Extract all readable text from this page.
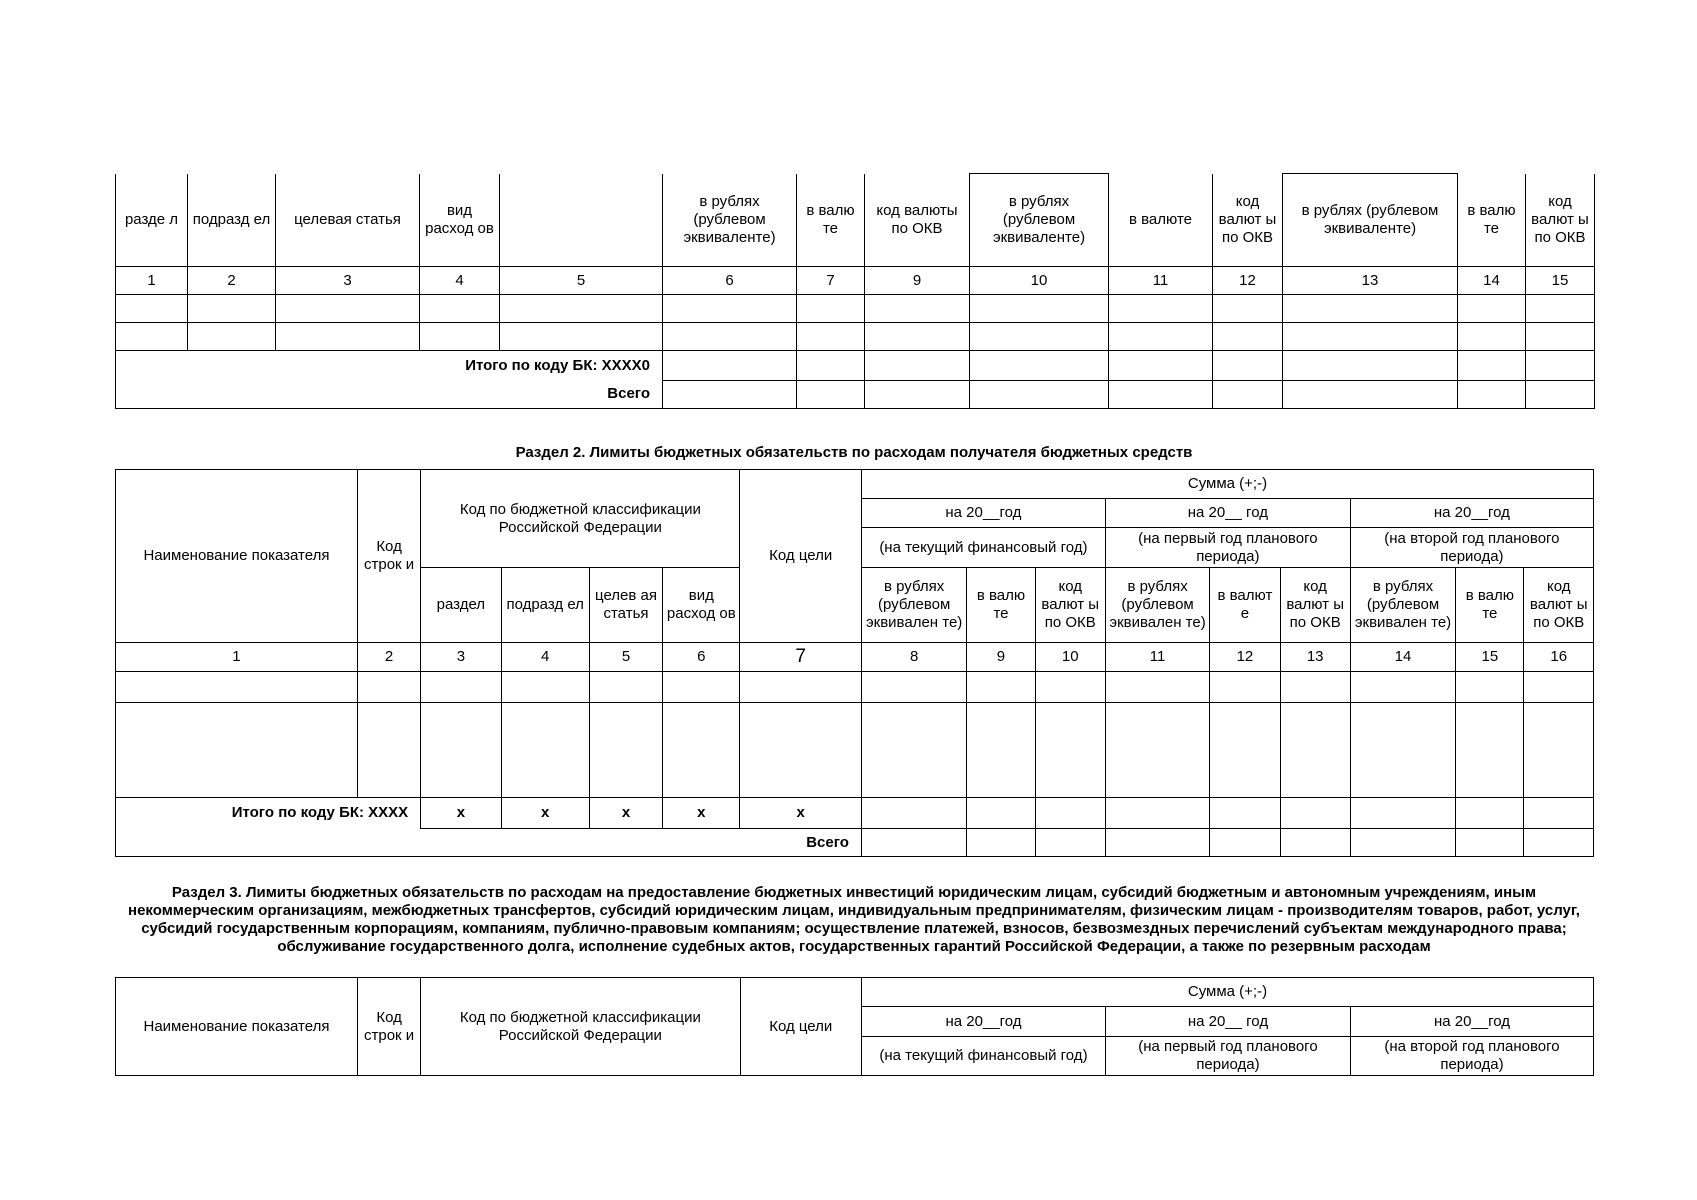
разде л	подразд ел	целевая статья	вид расход ов		в рублях (рублевом эквиваленте)	в валю те	код валюты по ОКВ	в рублях (рублевом эквиваленте)	в валюте	код валют ы по ОКВ	в рублях (рублевом эквиваленте)	в валю те	код валют ы по ОКВ
1	2	3	4	5	6	7	9	10	11	12	13	14	15

Итого по коду БК: XXXX0													
Всего													
Раздел 2. Лимиты бюджетных обязательств по расходам получателя бюджетных средств
Наименование показателя	Код строк и	Код по бюджетной классификации Российской Федерации				Код цели	Сумма (+;-)								
							на 20__год			на 20__ год			на 20__год		
							(на текущий финансовый год)			(на первый год планового периода)			(на второй год планового периода)		
		раздел	подразд ел	целев ая статья	вид расход ов		в рублях (рублевом эквивален те)	в валю те	код валют ы по ОКВ	в рублях (рублевом эквивален те)	в валют е	код валют ы по ОКВ	в рублях (рублевом эквивален те)	в валю те	код валют ы по ОКВ
1	2	3	4	5	6	7	8	9	10	11	12	13	14	15	16

Итого по коду БК: XXXX		x	x	x	x	x									
Всего															
Раздел 3. Лимиты бюджетных обязательств по расходам на предоставление бюджетных инвестиций юридическим лицам, субсидий бюджетным и автономным учреждениям, иным некоммерческим организациям, межбюджетных трансфертов, субсидий юридическим лицам, индивидуальным предпринимателям, физическим лицам - производителям товаров, работ, услуг, субсидий государственным корпорациям, компаниям, публично-правовым компаниям; осуществление платежей, взносов, безвозмездных перечислений субъектам международного права; обслуживание государственного долга, исполнение судебных актов, государственных гарантий Российской Федерации, а также по резервным расходам
Наименование показателя	Код строк и	Код по бюджетной классификации Российской Федерации	Код цели	Сумма (+;-)		
				на 20__год	на 20__ год	на 20__год
				(на текущий финансовый год)	(на первый год планового периода)	(на второй год планового периода)
